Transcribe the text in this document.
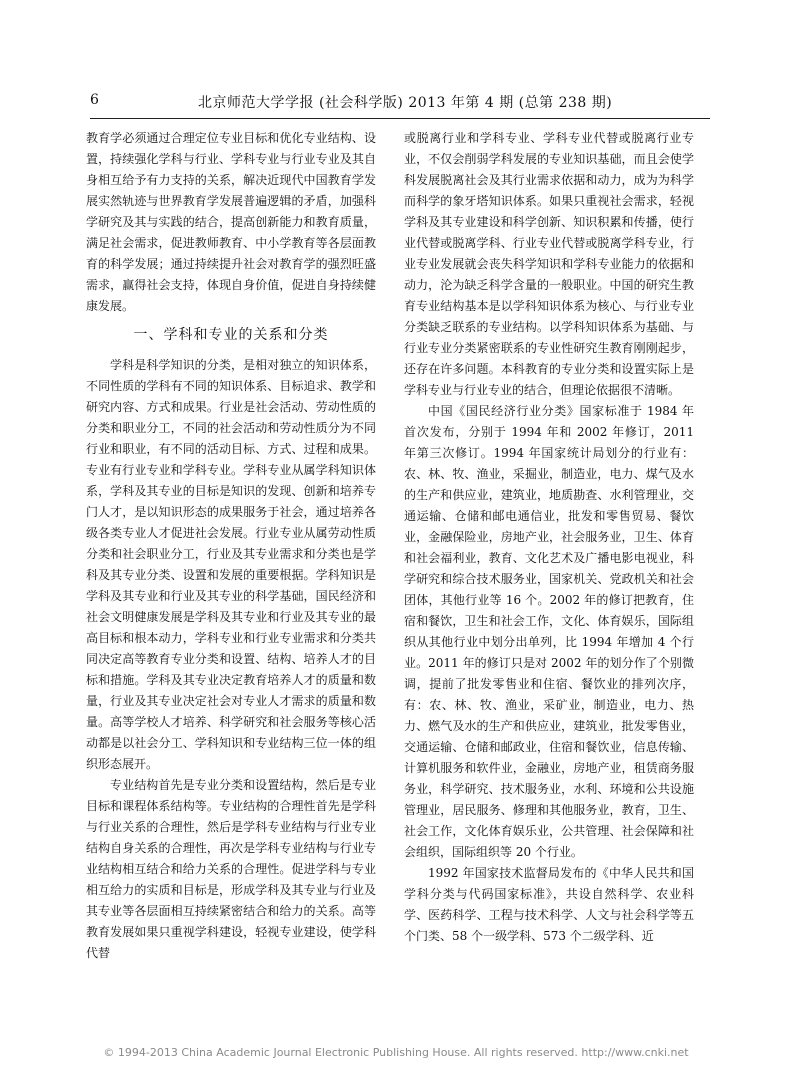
6	北京师范大学学报 (社会科学版) 2013 年第 4 期 (总第 238 期)

教育学必须通过合理定位专业目标和优化专业结构、设置，持续强化学科与行业、学科专业与行业专业及其自身相互给予有力支持的关系，解决近现代中国教育学发展实然轨迹与世界教育学发展普遍逻辑的矛盾，加强科学研究及其与实践的结合，提高创新能力和教育质量，满足社会需求，促进教师教育、中小学教育等各层面教育的科学发展；通过持续提升社会对教育学的强烈旺盛需求，赢得社会支持，体现自身价值，促进自身持续健康发展。

一、学科和专业的关系和分类

学科是科学知识的分类，是相对独立的知识体系，不同性质的学科有不同的知识体系、目标追求、教学和研究内容、方式和成果。行业是社会活动、劳动性质的分类和职业分工，不同的社会活动和劳动性质分为不同行业和职业，有不同的活动目标、方式、过程和成果。专业有行业专业和学科专业。学科专业从属学科知识体系，学科及其专业的目标是知识的发现、创新和培养专门人才，是以知识形态的成果服务于社会，通过培养各级各类专业人才促进社会发展。行业专业从属劳动性质分类和社会职业分工，行业及其专业需求和分类也是学科及其专业分类、设置和发展的重要根据。学科知识是学科及其专业和行业及其专业的科学基础，国民经济和社会文明健康发展是学科及其专业和行业及其专业的最高目标和根本动力，学科专业和行业专业需求和分类共同决定高等教育专业分类和设置、结构、培养人才的目标和措施。学科及其专业决定教育培养人才的质量和数量，行业及其专业决定社会对专业人才需求的质量和数量。高等学校人才培养、科学研究和社会服务等核心活动都是以社会分工、学科知识和专业结构三位一体的组织形态展开。

专业结构首先是专业分类和设置结构，然后是专业目标和课程体系结构等。专业结构的合理性首先是学科与行业关系的合理性，然后是学科专业结构与行业专业结构自身关系的合理性，再次是学科专业结构与行业专业结构相互结合和给力关系的合理性。促进学科与专业相互给力的实质和目标是，形成学科及其专业与行业及其专业等各层面相互持续紧密结合和给力的关系。高等教育发展如果只重视学科建设，轻视专业建设，使学科代替

或脱离行业和学科专业、学科专业代替或脱离行业专业，不仅会削弱学科发展的专业知识基础，而且会使学科发展脱离社会及其行业需求依据和动力，成为为科学而科学的象牙塔知识体系。如果只重视社会需求，轻视学科及其专业建设和科学创新、知识积累和传播，使行业代替或脱离学科、行业专业代替或脱离学科专业，行业专业发展就会丧失科学知识和学科专业能力的依据和动力，沦为缺乏科学含量的一般职业。中国的研究生教育专业结构基本是以学科知识体系为核心、与行业专业分类缺乏联系的专业结构。以学科知识体系为基础、与行业专业分类紧密联系的专业性研究生教育刚刚起步，还存在许多问题。本科教育的专业分类和设置实际上是学科专业与行业专业的结合，但理论依据很不清晰。

中国《国民经济行业分类》国家标准于 1984 年首次发布，分别于 1994 年和 2002 年修订，2011 年第三次修订。1994 年国家统计局划分的行业有：农、林、牧、渔业，采掘业，制造业，电力、煤气及水的生产和供应业，建筑业，地质勘查、水利管理业，交通运输、仓储和邮电通信业，批发和零售贸易、餐饮业，金融保险业，房地产业，社会服务业，卫生、体育和社会福利业，教育、文化艺术及广播电影电视业，科学研究和综合技术服务业，国家机关、党政机关和社会团体，其他行业等 16 个。2002 年的修订把教育，住宿和餐饮，卫生和社会工作，文化、体育娱乐，国际组织从其他行业中划分出单列，比 1994 年增加 4 个行业。2011 年的修订只是对 2002 年的划分作了个别微调，提前了批发零售业和住宿、餐饮业的排列次序，有：农、林、牧、渔业，采矿业，制造业，电力、热力、燃气及水的生产和供应业，建筑业，批发零售业，交通运输、仓储和邮政业，住宿和餐饮业，信息传输、计算机服务和软件业，金融业，房地产业，租赁商务服务业，科学研究、技术服务业，水利、环境和公共设施管理业，居民服务、修理和其他服务业，教育，卫生、社会工作，文化体育娱乐业，公共管理、社会保障和社会组织，国际组织等 20 个行业。

1992 年国家技术监督局发布的《中华人民共和国学科分类与代码国家标准》，共设自然科学、农业科学、医药科学、工程与技术科学、人文与社会科学等五个门类、58 个一级学科、573 个二级学科、近

© 1994-2013 China Academic Journal Electronic Publishing House. All rights reserved. http://www.cnki.net
